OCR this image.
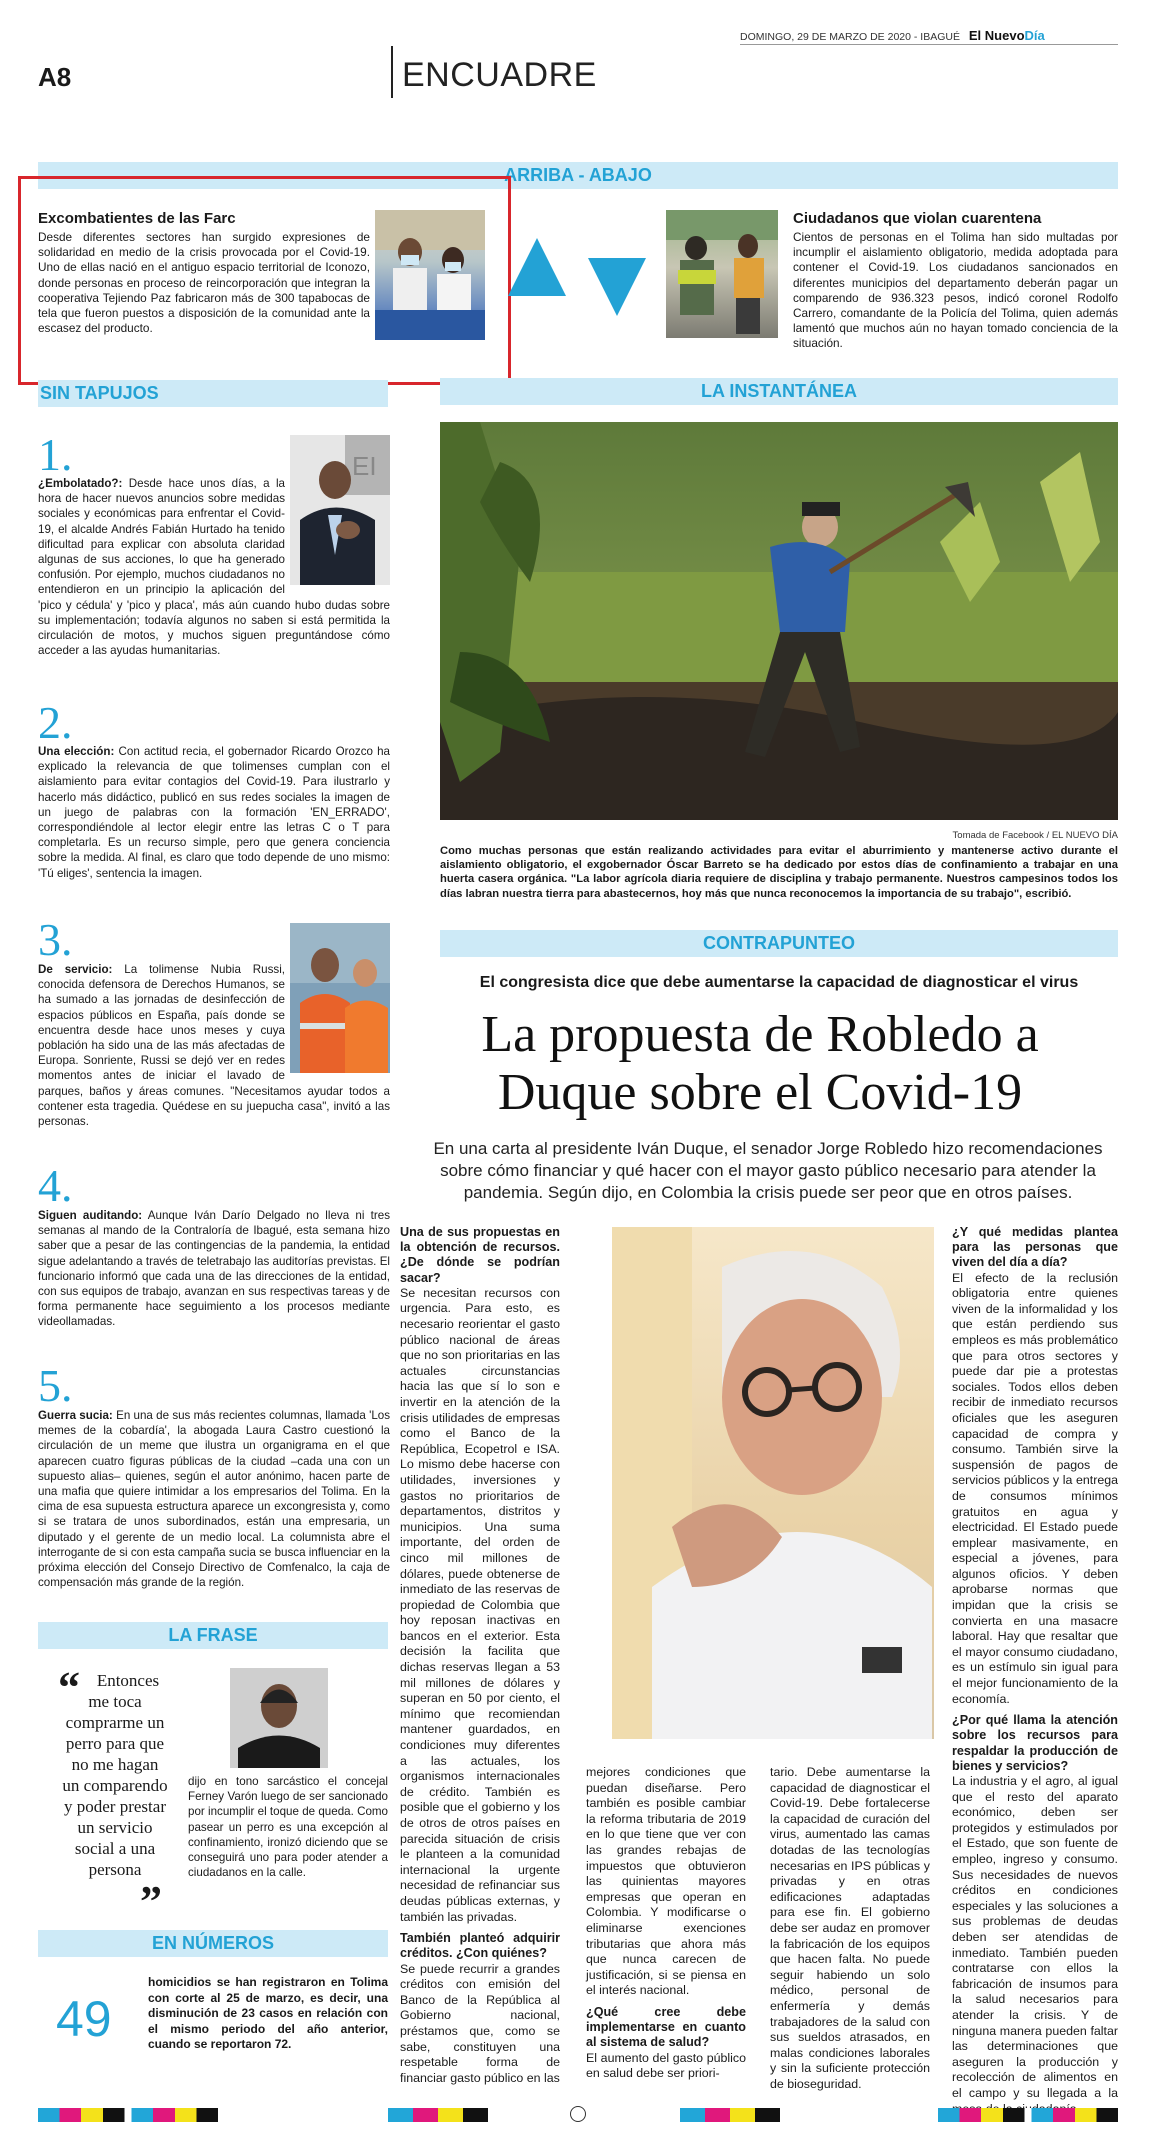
A8	ENCUADRE
DOMINGO, 29 DE MARZO DE 2020 - IBAGUÉ El NuevoDía
ARRIBA - ABAJO
Excombatientes de las Farc
Desde diferentes sectores han surgido expresiones de solidaridad en medio de la crisis provocada por el Covid-19. Uno de ellas nació en el antiguo espacio territorial de Iconozo, donde personas en proceso de reincorporación que integran la cooperativa Tejiendo Paz fabricaron más de 300 tapabocas de tela que fueron puestos a disposición de la comunidad ante la escasez del producto.
Ciudadanos que violan cuarentena
Cientos de personas en el Tolima han sido multadas por incumplir el aislamiento obligatorio, medida adoptada para contener el Covid-19. Los ciudadanos sancionados en diferentes municipios del departamento deberán pagar un comparendo de 936.323 pesos, indicó coronel Rodolfo Carrero, comandante de la Policía del Tolima, quien además lamentó que muchos aún no hayan tomado conciencia de la situación.
SIN TAPUJOS
1.	EI
¿Embolatado?: Desde hace unos días, a la hora de hacer nuevos anuncios sobre medidas sociales y económicas para enfrentar el Covid-19, el alcalde Andrés Fabián Hurtado ha tenido dificultad para explicar con absoluta claridad algunas de sus acciones, lo que ha generado confusión. Por ejemplo, muchos ciudadanos no entendieron en un principio la aplicación del 'pico y cédula' y 'pico y placa', más aún cuando hubo dudas sobre su implementación; todavía algunos no saben si está permitida la circulación de motos, y muchos siguen preguntándose cómo acceder a las ayudas humanitarias.
2.
Una elección: Con actitud recia, el gobernador Ricardo Orozco ha explicado la relevancia de que tolimenses cumplan con el aislamiento para evitar contagios del Covid-19. Para ilustrarlo y hacerlo más didáctico, publicó en sus redes sociales la imagen de un juego de palabras con la formación 'EN_ERRADO', correspondiéndole al lector elegir entre las letras C o T para completarla. Es un recurso simple, pero que genera conciencia sobre la medida. Al final, es claro que todo depende de uno mismo: 'Tú eliges', sentencia la imagen.
3.
De servicio: La tolimense Nubia Russi, conocida defensora de Derechos Humanos, se ha sumado a las jornadas de desinfección de espacios públicos en España, país donde se encuentra desde hace unos meses y cuya población ha sido una de las más afectadas de Europa. Sonriente, Russi se dejó ver en redes momentos antes de iniciar el lavado de parques, baños y áreas comunes. "Necesitamos ayudar todos a contener esta tragedia. Quédese en su juepucha casa", invitó a las personas.
4.
Siguen auditando: Aunque Iván Darío Delgado no lleva ni tres semanas al mando de la Contraloría de Ibagué, esta semana hizo saber que a pesar de las contingencias de la pandemia, la entidad sigue adelantando a través de teletrabajo las auditorías previstas. El funcionario informó que cada una de las direcciones de la entidad, con sus equipos de trabajo, avanzan en sus respectivas tareas y de forma permanente hace seguimiento a los procesos mediante videollamadas.
5.
Guerra sucia: En una de sus más recientes columnas, llamada 'Los memes de la cobardía', la abogada Laura Castro cuestionó la circulación de un meme que ilustra un organigrama en el que aparecen cuatro figuras públicas de la ciudad –cada una con un supuesto alias– quienes, según el autor anónimo, hacen parte de una mafia que quiere intimidar a los empresarios del Tolima. En la cima de esa supuesta estructura aparece un excongresista y, como si se tratara de unos subordinados, están una empresaria, un diputado y el gerente de un medio local. La columnista abre el interrogante de si con esta campaña sucia se busca influenciar en la próxima elección del Consejo Directivo de Comfenalco, la caja de compensación más grande de la región.
LA FRASE
“ Entonces me toca comprarme un perro para que no me hagan un comparendo y poder prestar un servicio social a una persona
”
dijo en tono sarcástico el concejal Ferney Varón luego de ser sancionado por incumplir el toque de queda. Como pasear un perro es una excepción al confinamiento, ironizó diciendo que se conseguirá uno para poder atender a ciudadanos en la calle.
EN NÚMEROS
49
homicidios se han registraron en Tolima con corte al 25 de marzo, es decir, una disminución de 23 casos en relación con el mismo periodo del año anterior, cuando se reportaron 72.
LA INSTANTÁNEA
Tomada de Facebook / EL NUEVO DÍA
Como muchas personas que están realizando actividades para evitar el aburrimiento y mantenerse activo durante el aislamiento obligatorio, el exgobernador Óscar Barreto se ha dedicado por estos días de confinamiento a trabajar en una huerta casera orgánica. "La labor agrícola diaria requiere de disciplina y trabajo permanente. Nuestros campesinos todos los días labran nuestra tierra para abastecernos, hoy más que nunca reconocemos la importancia de su trabajo", escribió.
CONTRAPUNTEO
El congresista dice que debe aumentarse la capacidad de diagnosticar el virus
La propuesta de Robledo a
Duque sobre el Covid-19
En una carta al presidente Iván Duque, el senador Jorge Robledo hizo recomendaciones sobre cómo financiar y qué hacer con el mayor gasto público necesario para atender la pandemia. Según dijo, en Colombia la crisis puede ser peor que en otros países.
Una de sus propuestas en la obtención de recursos. ¿De dónde se podrían sacar?
Se necesitan recursos con urgencia. Para esto, es necesario reorientar el gasto público nacional de áreas que no son prioritarias en las actuales circunstancias hacia las que sí lo son e invertir en la atención de la crisis utilidades de empresas como el Banco de la República, Ecopetrol e ISA. Lo mismo debe hacerse con utilidades, inversiones y gastos no prioritarios de departamentos, distritos y municipios. Una suma importante, del orden de cinco mil millones de dólares, puede obtenerse de inmediato de las reservas de propiedad de Colombia que hoy reposan inactivas en bancos en el exterior. Esta decisión la facilita que dichas reservas llegan a 53 mil millones de dólares y superan en 50 por ciento, el mínimo que recomiendan mantener guardados, en condiciones muy diferentes a las actuales, los organismos internacionales de crédito. También es posible que el gobierno y los de otros de otros países en parecida situación de crisis le planteen a la comunidad internacional la urgente necesidad de refinanciar sus deudas públicas externas, y también las privadas.
También planteó adquirir créditos. ¿Con quiénes?
Se puede recurrir a grandes créditos con emisión del Banco de la República al Gobierno nacional, préstamos que, como se sabe, constituyen una respetable forma de financiar gasto público en las
mejores condiciones que puedan diseñarse. Pero también es posible cambiar la reforma tributaria de 2019 en lo que tiene que ver con las grandes rebajas de impuestos que obtuvieron las quinientas mayores empresas que operan en Colombia. Y modificarse o eliminarse exenciones tributarias que ahora más que nunca carecen de justificación, si se piensa en el interés nacional.
¿Qué cree debe implementarse en cuanto al sistema de salud?
El aumento del gasto público en salud debe ser priori-
tario. Debe aumentarse la capacidad de diagnosticar el Covid-19. Debe fortalecerse la capacidad de curación del virus, aumentado las camas dotadas de las tecnologías necesarias en IPS públicas y privadas y en otras edificaciones adaptadas para ese fin. El gobierno debe ser audaz en promover la fabricación de los equipos que hacen falta. No puede seguir habiendo un solo médico, personal de enfermería y demás trabajadores de la salud con sus sueldos atrasados, en malas condiciones laborales y sin la suficiente protección de bioseguridad.
¿Y qué medidas plantea para las personas que viven del día a día?
El efecto de la reclusión obligatoria entre quienes viven de la informalidad y los que están perdiendo sus empleos es más problemático que para otros sectores y puede dar pie a protestas sociales. Todos ellos deben recibir de inmediato recursos oficiales que les aseguren capacidad de compra y consumo. También sirve la suspensión de pagos de servicios públicos y la entrega de consumos mínimos gratuitos en agua y electricidad. El Estado puede emplear masivamente, en especial a jóvenes, para algunos oficios. Y deben aprobarse normas que impidan que la crisis se convierta en una masacre laboral. Hay que resaltar que el mayor consumo ciudadano, es un estímulo sin igual para el mejor funcionamiento de la economía.
¿Por qué llama la atención sobre los recursos para respaldar la producción de bienes y servicios?
La industria y el agro, al igual que el resto del aparato económico, deben ser protegidos y estimulados por el Estado, que son fuente de empleo, ingreso y consumo. Sus necesidades de nuevos créditos en condiciones especiales y las soluciones a sus problemas de deudas deben ser atendidas de inmediato. También pueden contratarse con ellos la fabricación de insumos para la salud necesarios para atender la crisis. Y de ninguna manera pueden faltar las determinaciones que aseguren la producción y recolección de alimentos en el campo y su llegada a la
